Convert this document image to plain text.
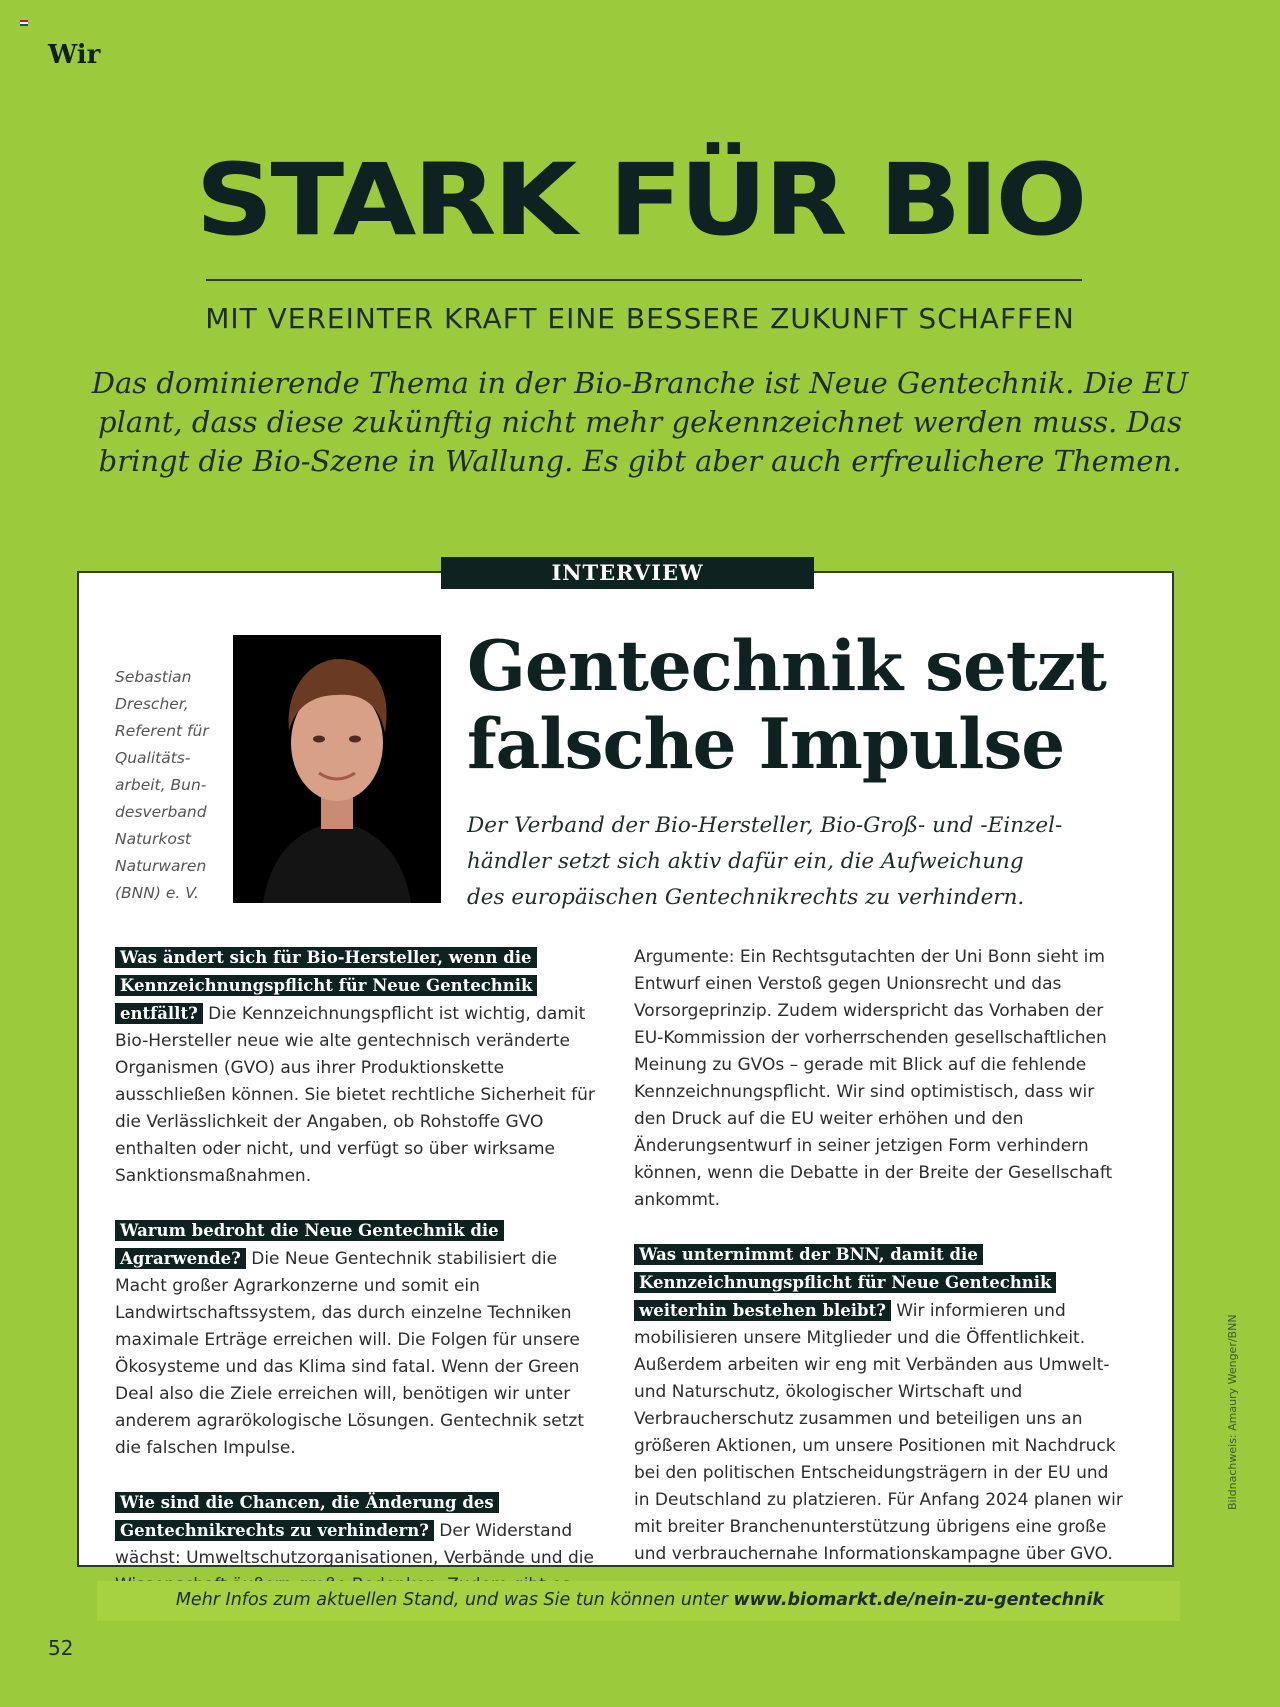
Wir
STARK FÜR BIO
MIT VEREINTER KRAFT EINE BESSERE ZUKUNFT SCHAFFEN
Das dominierende Thema in der Bio-Branche ist Neue Gentechnik. Die EU plant, dass diese zukünftig nicht mehr gekennzeichnet werden muss. Das bringt die Bio-Szene in Wallung. Es gibt aber auch erfreulichere Themen.
INTERVIEW
Sebastian Drescher, Referent für Qualitäts-arbeit, Bun-desverband Naturkost Naturwaren (BNN) e. V.
Gentechnik setzt falsche Impulse
Der Verband der Bio-Hersteller, Bio-Groß- und -Einzel-händler setzt sich aktiv dafür ein, die Aufweichung des europäischen Gentechnikrechts zu verhindern.

Was ändert sich für Bio-Hersteller, wenn die Kennzeichnungspflicht für Neue Gentechnik entfällt? Die Kennzeichnungspflicht ist wichtig, damit Bio-Hersteller neue wie alte gentechnisch veränderte Organismen (GVO) aus ihrer Produktionskette ausschließen können. Sie bietet rechtliche Sicherheit für die Verlässlichkeit der Angaben, ob Rohstoffe GVO enthalten oder nicht, und verfügt so über wirksame Sanktionsmaßnahmen.

Warum bedroht die Neue Gentechnik die Agrarwende? Die Neue Gentechnik stabilisiert die Macht großer Agrarkonzerne und somit ein Landwirtschaftssystem, das durch einzelne Techniken maximale Erträge erreichen will. Die Folgen für unsere Ökosysteme und das Klima sind fatal. Wenn der Green Deal also die Ziele erreichen will, benötigen wir unter anderem agrarökologische Lösungen. Gentechnik setzt die falschen Impulse.

Wie sind die Chancen, die Änderung des Gentechnikrechts zu verhindern? Der Widerstand wächst: Umweltschutzorganisationen, Verbände und die

Argumente: Ein Rechtsgutachten der Uni Bonn sieht im Entwurf einen Verstoß gegen Unionsrecht und das Vorsorgeprinzip. Zudem widerspricht das Vorhaben der EU-Kommission der vorherrschenden gesellschaftlichen Meinung zu GVOs – gerade mit Blick auf die fehlende Kennzeichnungspflicht. Wir sind optimistisch, dass wir den Druck auf die EU weiter erhöhen und den Änderungsentwurf in seiner jetzigen Form verhindern können, wenn die Debatte in der Breite der Gesellschaft ankommt.

Was unternimmt der BNN, damit die Kennzeichnungspflicht für Neue Gentechnik weiterhin bestehen bleibt? Wir informieren und mobilisieren unsere Mitglieder und die Öffentlichkeit. Außerdem arbeiten wir eng mit Verbänden aus Umwelt- und Naturschutz, ökologischer Wirtschaft und Verbraucherschutz zusammen und beteiligen uns an größeren Aktionen, um unsere Positionen mit Nachdruck bei den politischen Entscheidungsträgern in der EU und in Deutschland zu platzieren. Für Anfang 2024 planen wir mit breiter Branchenunterstützung übrigens eine große und verbrauchernahe Informationskampagne über GVO.

Mehr Infos zum aktuellen Stand, und was Sie tun können unter www.biomarkt.de/nein-zu-gentechnik
52
Bildnachweis: Amaury Wenger/BNN
